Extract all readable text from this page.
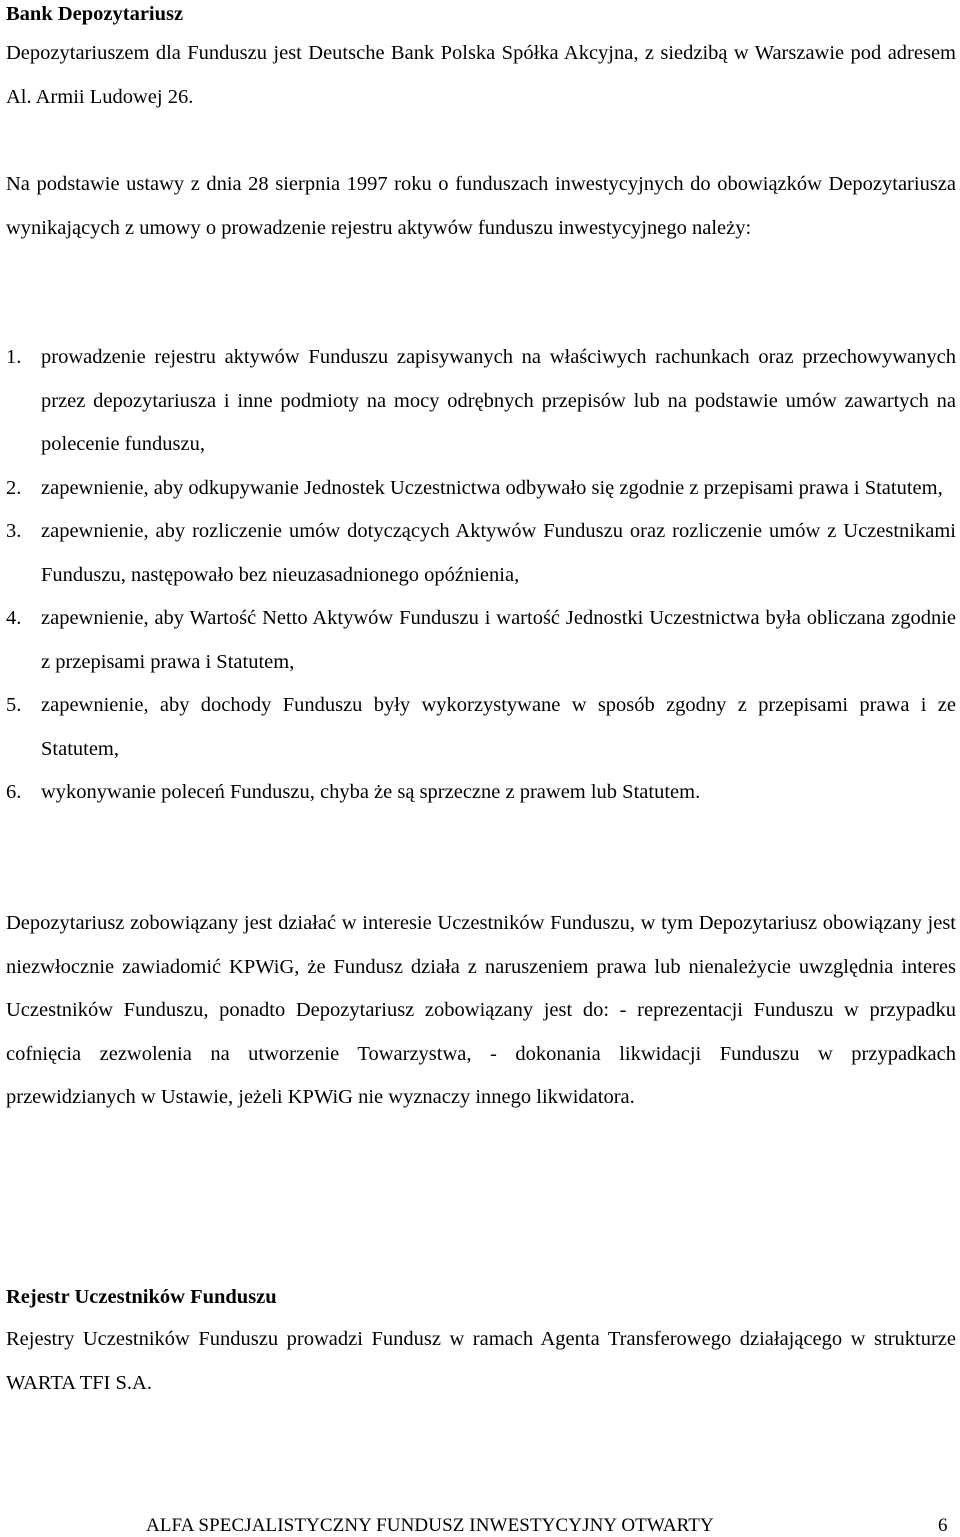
Bank Depozytariusz
Depozytariuszem dla Funduszu jest Deutsche Bank Polska Spółka Akcyjna, z siedzibą w Warszawie pod adresem Al. Armii Ludowej 26.
Na podstawie ustawy z dnia 28 sierpnia 1997 roku o funduszach inwestycyjnych do obowiązków Depozytariusza wynikających z umowy o prowadzenie rejestru aktywów funduszu inwestycyjnego należy:
1. prowadzenie rejestru aktywów Funduszu zapisywanych na właściwych rachunkach oraz przechowywanych przez depozytariusza i inne podmioty na mocy odrębnych przepisów lub na podstawie umów zawartych na polecenie funduszu,
2. zapewnienie, aby odkupywanie Jednostek Uczestnictwa odbywało się zgodnie z przepisami prawa i Statutem,
3. zapewnienie, aby rozliczenie umów dotyczących Aktywów Funduszu oraz rozliczenie umów z Uczestnikami Funduszu, następowało bez nieuzasadnionego opóźnienia,
4. zapewnienie, aby Wartość Netto Aktywów Funduszu i wartość Jednostki Uczestnictwa była obliczana zgodnie z przepisami prawa i Statutem,
5. zapewnienie, aby dochody Funduszu były wykorzystywane w sposób zgodny z przepisami prawa i ze Statutem,
6. wykonywanie poleceń Funduszu, chyba że są sprzeczne z prawem lub Statutem.
Depozytariusz zobowiązany jest działać w interesie Uczestników Funduszu, w tym Depozytariusz obowiązany jest niezwłocznie zawiadomić KPWiG, że Fundusz działa z naruszeniem prawa lub nienależycie uwzględnia interes Uczestników Funduszu, ponadto Depozytariusz zobowiązany jest do: - reprezentacji Funduszu w przypadku cofnięcia zezwolenia na utworzenie Towarzystwa, - dokonania likwidacji Funduszu w przypadkach przewidzianych w Ustawie, jeżeli KPWiG nie wyznaczy innego likwidatora.
Rejestr Uczestników Funduszu
Rejestry Uczestników Funduszu prowadzi Fundusz w ramach Agenta Transferowego działającego w strukturze WARTA TFI S.A.
ALFA SPECJALISTYCZNY FUNDUSZ INWESTYCYJNY OTWARTY	6
